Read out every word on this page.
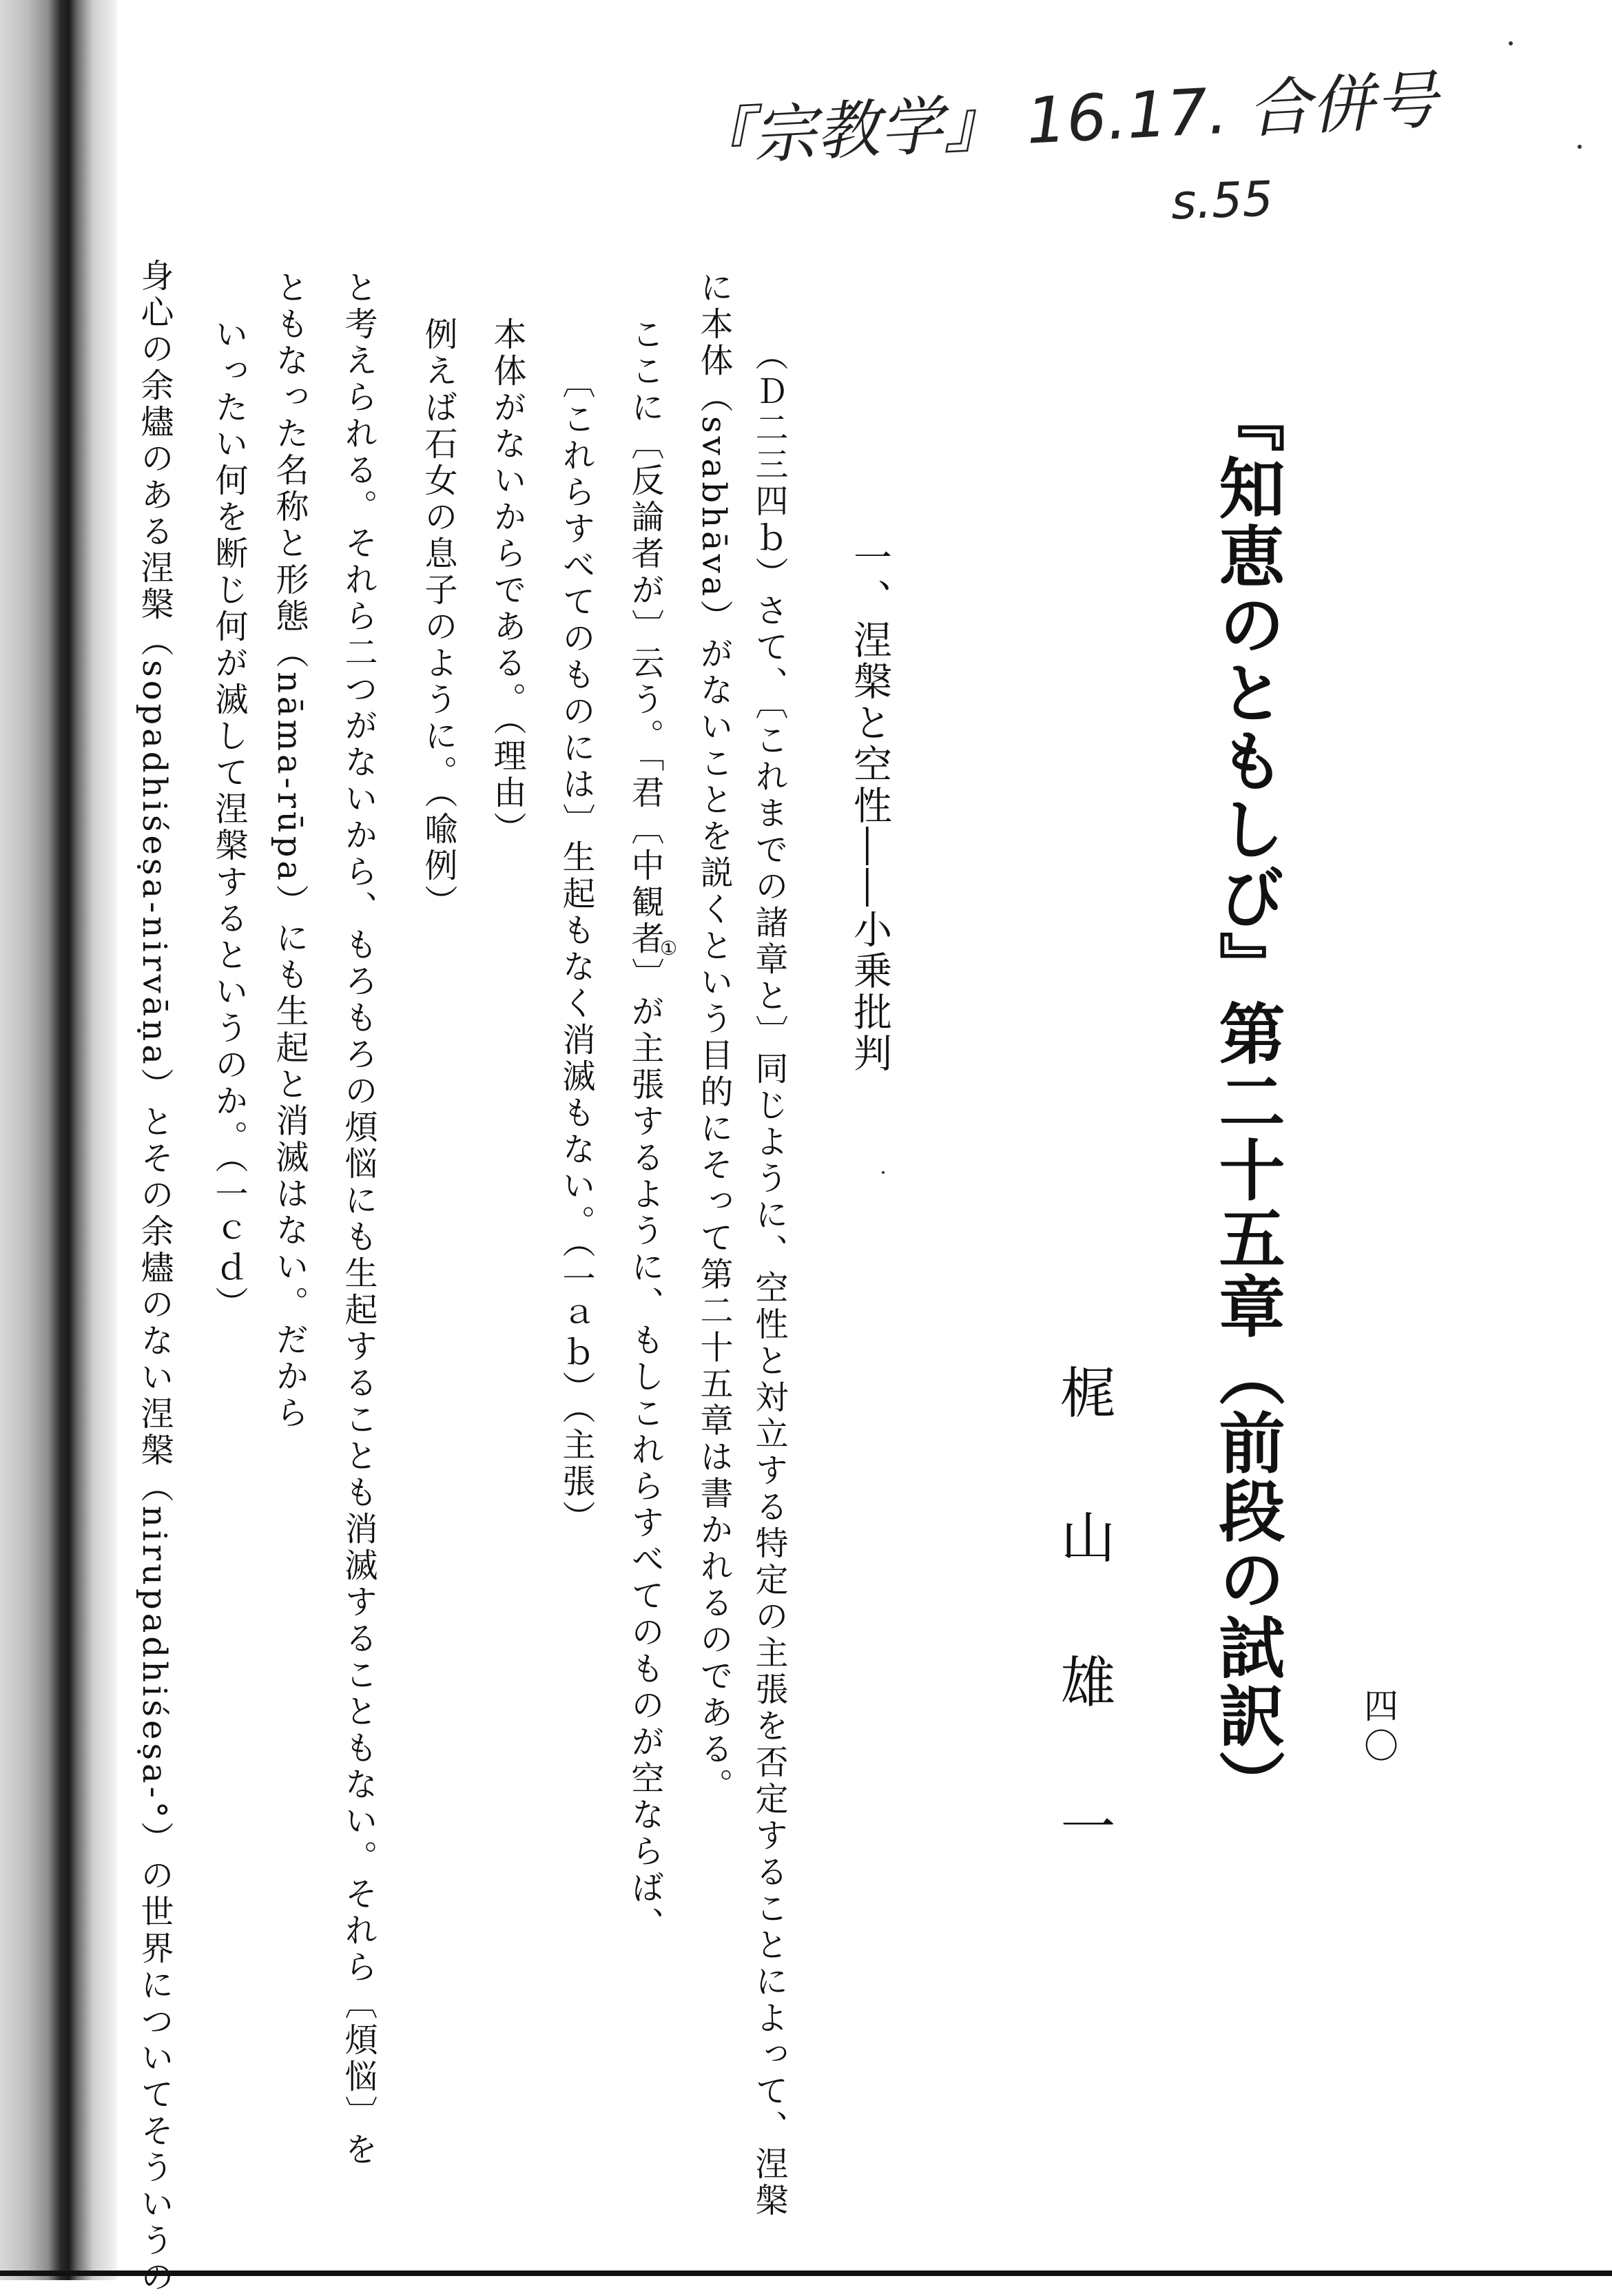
『宗教学』 16.17. 合併号
s.55
『知恵のともしび』第二十五章（前段の試訳）
梶山雄一	四〇
一、涅槃と空性――小乗批判
（Ｄ二三四ｂ）さて、〔これまでの諸章と〕同じように、空性と対立する特定の主張を否定することによって、涅槃
に本体（svabhāva）がないことを説くという目的にそって第二十五章は書かれるのである。
ここに〔反論者が〕云う。「君〔中観者〕が主張するように、もしこれらすべてのものが空ならば、
①
〔これらすべてのものには〕生起もなく消滅もない。（一ａｂ）（主張）
本体がないからである。（理由）
例えば石女の息子のように。（喩例）
と考えられる。それら二つがないから、もろもろの煩悩にも生起することも消滅することもない。それら〔煩悩〕を
ともなった名称と形態（nāma-rūpa）にも生起と消滅はない。だから
いったい何を断じ何が滅して涅槃するというのか。（一ｃｄ）
身心の余燼のある涅槃（sopadhiśeṣa-nirvāṇa）とその余燼のない涅槃（nirupadhiśeṣa-°）の世界についてそういうの
